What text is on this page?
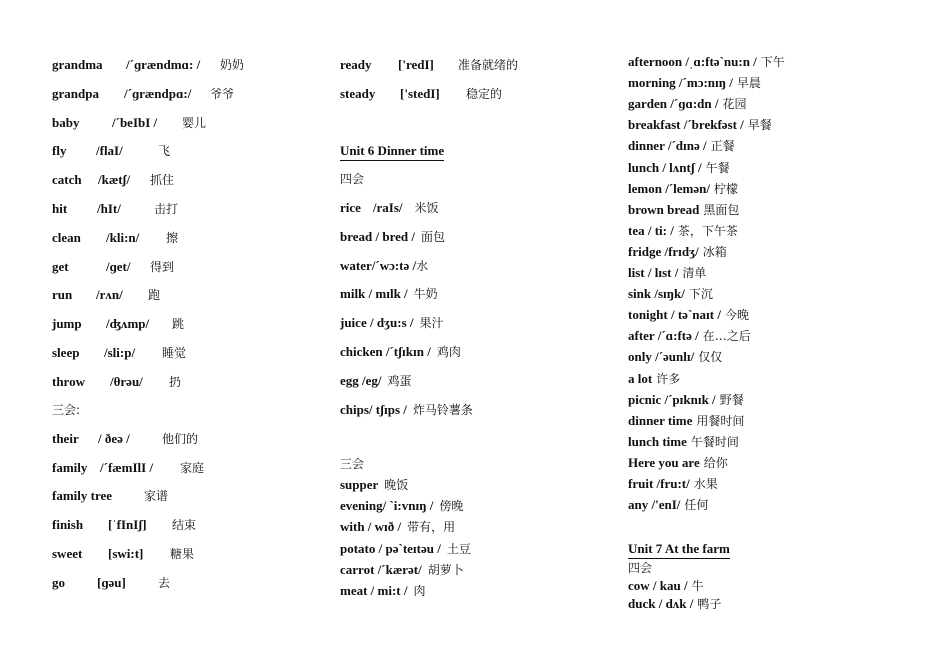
grandma /ˊɡrændmɑ: / 奶奶
grandpa /ˊɡrændpɑ:/ 爷爷
baby	/ˊbeIbI / 婴儿
fly /flaI/	飞
catch /kætʃ/ 抓住
hit /hIt/	击打
clean /kli:n/ 擦
get	/ɡet/ 得到
run /rʌn/ 跑
jump /ʤʌmp/ 跳
sleep /sli:p/ 睡觉
throw /θrəu/ 扔
三会:
their / ðeə /	他们的
family /ˊfæmIlI / 家庭
family tree	家谱
finish [ˈfInIʃ] 结束
sweet [swi:t] 糖果
go [ɡəu]	去
ready ['redI] 准备就绪的
steady ['stedI] 稳定的
Unit 6 Dinner time
四会
rice /raIs/ 米饭
bread / bred / 面包
water/ˊwɔ:tə /水
milk / mɪlk / 牛奶
juice / dʒu:s / 果汁
chicken /ˊtʃɪkɪn / 鸡肉
egg /eg/ 鸡蛋
chips/ tʃɪps / 炸马铃薯条
三会
supper 晚饭
evening/ ˋi:vnɪŋ / 傍晚
with / wɪð / 带有，用
potato / pəˋteɪtəu / 土豆
carrot /ˊkærət/ 胡萝卜
meat / mi:t / 肉
afternoon /ˌɑ:ftəˋnu:n / 下午
morning /ˊmɔ:nɪŋ / 早晨
garden /ˊɡɑ:dn / 花园
breakfast /ˊbrekfəst / 早餐
dinner /ˊdɪnə / 正餐
lunch / lʌntʃ / 午餐
lemon /ˊlemən/ 柠檬
brown bread 黑面包
tea / ti: / 茶，下午茶
fridge /frɪdʒ/ 冰箱
list / lɪst / 清单
sink /sɪŋk/ 下沉
tonight / təˋnaɪt / 今晚
after /ˊɑ:ftə / 在…之后
only /ˊəunlɪ/ 仅仅
a lot 许多
picnic /ˊpɪknɪk / 野餐
dinner time 用餐时间
lunch time 午餐时间
Here you are 给你
fruit /fru:t/ 水果
any /'enI/ 任何
Unit 7 At the farm
四会
cow / kau / 牛
duck / dʌk / 鸭子
